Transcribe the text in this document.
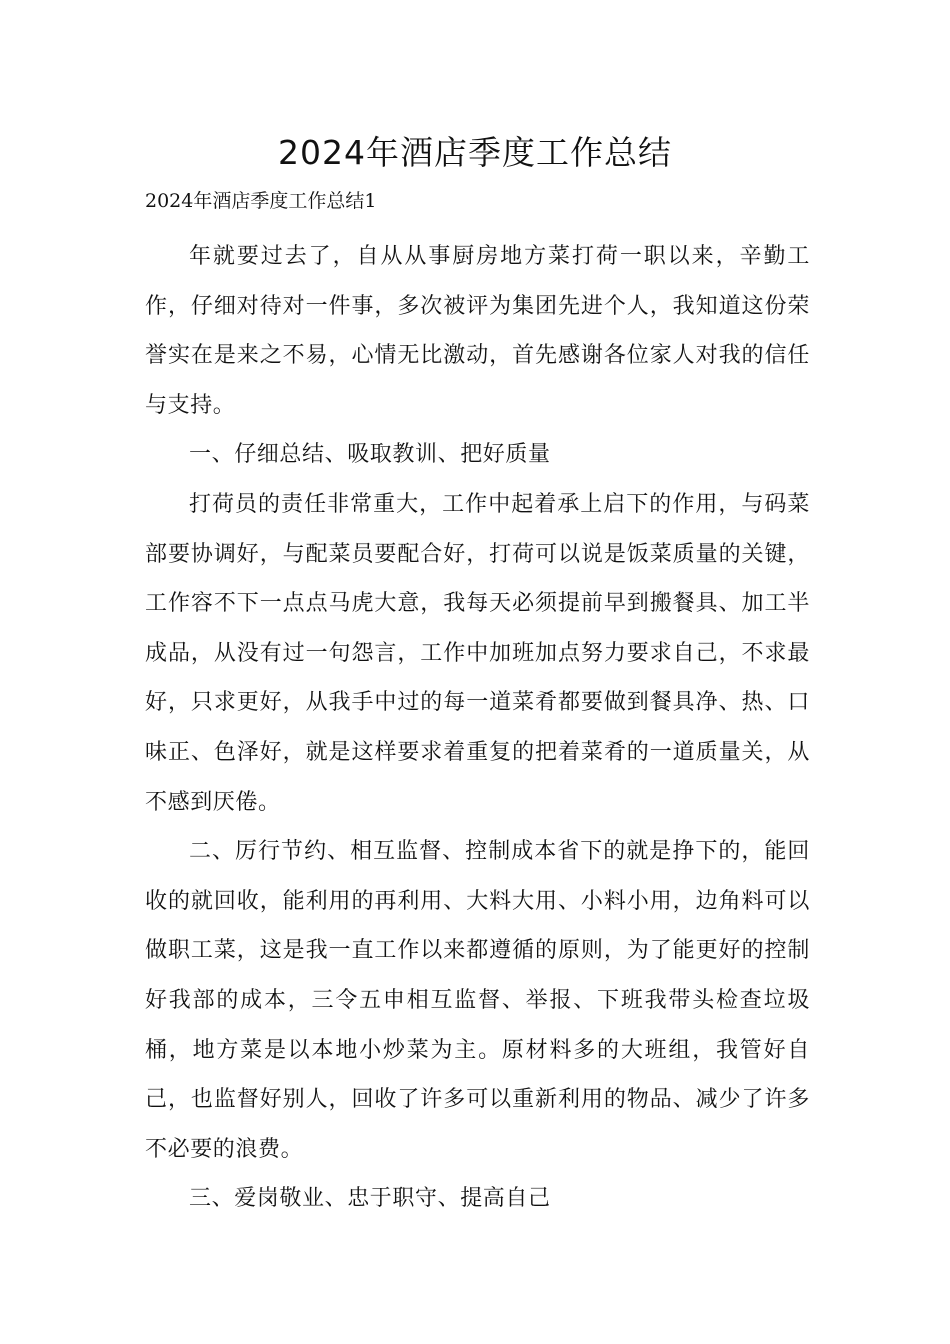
2024年酒店季度工作总结

2024年酒店季度工作总结1

年就要过去了，自从从事厨房地方菜打荷一职以来，辛勤工作，仔细对待对一件事，多次被评为集团先进个人，我知道这份荣誉实在是来之不易，心情无比激动，首先感谢各位家人对我的信任与支持。

一、仔细总结、吸取教训、把好质量

打荷员的责任非常重大，工作中起着承上启下的作用，与码菜部要协调好，与配菜员要配合好，打荷可以说是饭菜质量的关键，工作容不下一点点马虎大意，我每天必须提前早到搬餐具、加工半成品，从没有过一句怨言，工作中加班加点努力要求自己，不求最好，只求更好，从我手中过的每一道菜肴都要做到餐具净、热、口味正、色泽好，就是这样要求着重复的把着菜肴的一道质量关，从不感到厌倦。

二、厉行节约、相互监督、控制成本省下的就是挣下的，能回收的就回收，能利用的再利用、大料大用、小料小用，边角料可以做职工菜，这是我一直工作以来都遵循的原则，为了能更好的控制好我部的成本，三令五申相互监督、举报、下班我带头检查垃圾桶，地方菜是以本地小炒菜为主。原材料多的大班组，我管好自己，也监督好别人，回收了许多可以重新利用的物品、减少了许多不必要的浪费。

三、爱岗敬业、忠于职守、提高自己
